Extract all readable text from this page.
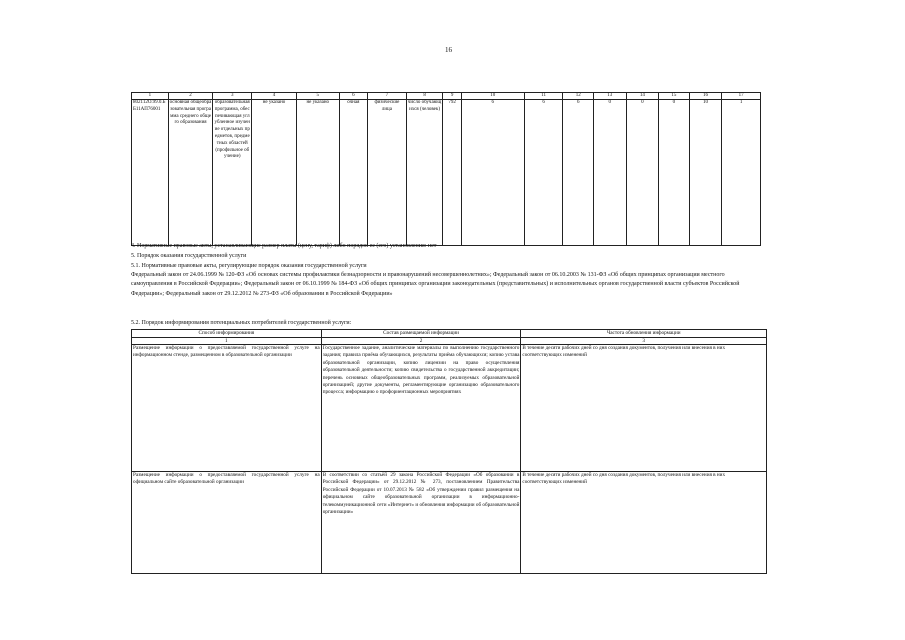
16
1	2	3	4	5	6	7	8	9	10	11	12	13	14	15	16	17
802112О.99.0.ББ11АП76001	основная общеобразовательная программа среднего общего образования	образовательная программа, обеспечивающая углубленное изучение отдельных предметов, предметных областей (профильное обучение)	не указано	не указано	очная	физические лица	число обучающихся (человек)	792	6	6	6	0	0	0	10	1
4. Нормативные правовые акты, устанавливающие размер платы (цену, тариф) либо порядок ее (его) установления: нет
5. Порядок оказания государственной услуги
5.1. Нормативные правовые акты, регулирующие порядок оказания государственной услуги
Федеральный закон от 24.06.1999 № 120-ФЗ «Об основах системы профилактики безнадзорности и правонарушений несовершеннолетних»; Федеральный закон от 06.10.2003 № 131-ФЗ «Об общих принципах организации местного самоуправления в Российской Федерации»; Федеральный закон от 06.10.1999 № 184-ФЗ «Об общих принципах организации законодательных (представительных) и исполнительных органов государственной власти субъектов Российской Федерации»; Федеральный закон от 29.12.2012 № 273-ФЗ «Об образовании в Российской Федерации»
5.2. Порядок информирования потенциальных потребителей государственной услуги:
Способ информирования	Состав размещаемой информации	Частота обновления информации
1	2	3
Размещение информации о предоставляемой государственной услуге на информационном стенде, размещенном в образовательной организации	Государственное задание, аналитические материалы по выполнению государственного задания; правила приёма обучающихся, результаты приёма обучающихся; копию устава образовательной организации, копию лицензии на право осуществления образовательной деятельности; копию свидетельства о государственной аккредитации; перечень основных общеобразовательных программ, реализуемых образовательной организацией; другие документы, регламентирующие организацию образовательного процесса; информацию о профориентационных мероприятиях	В течение десяти рабочих дней со дня создания документов, получения или внесения в них соответствующих изменений
Размещение информации о предоставляемой государственной услуге на официальном сайте образовательной организации	В соответствии со статьёй 29 закона Российской Федерации «Об образовании в Российской Федерации» от 29.12.2012 № 273, постановлением Правительства Российской Федерации от 10.07.2013 № 582 «Об утверждении правил размещения на официальном сайте образовательной организации в информационно-телекоммуникационной сети «Интернет» и обновления информации об образовательной организации»	В течение десяти рабочих дней со дня создания документов, получения или внесения в них соответствующих изменений
